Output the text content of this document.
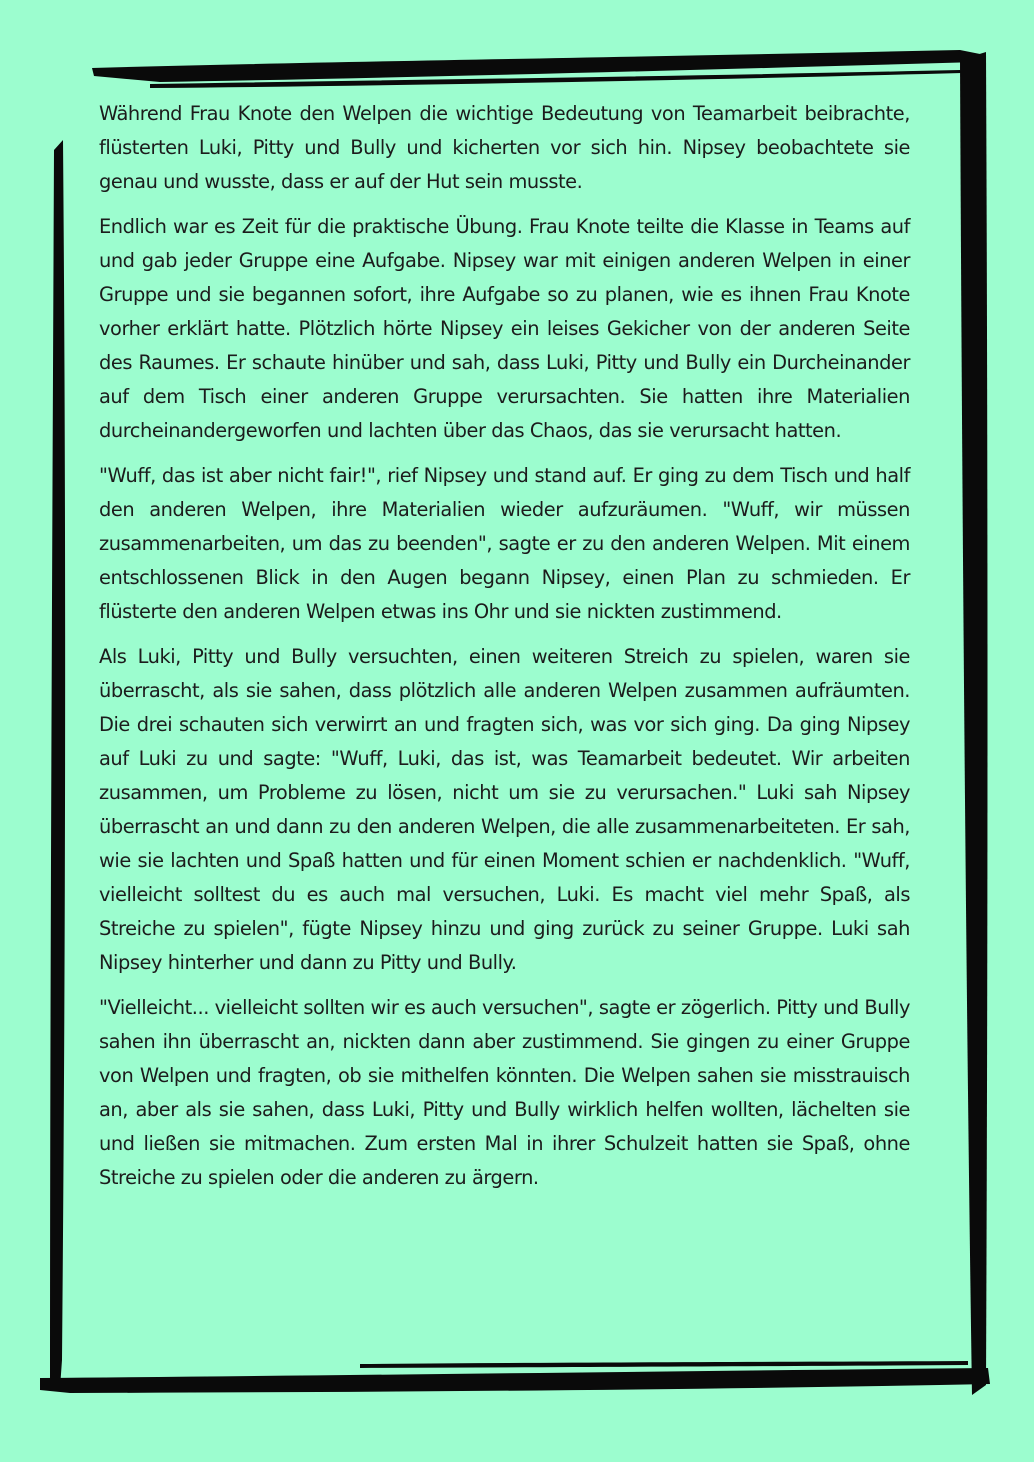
Während Frau Knote den Welpen die wichtige Bedeutung von Teamarbeit beibrachte, flüsterten Luki, Pitty und Bully und kicherten vor sich hin. Nipsey beobachtete sie genau und wusste, dass er auf der Hut sein musste.

Endlich war es Zeit für die praktische Übung. Frau Knote teilte die Klasse in Teams auf und gab jeder Gruppe eine Aufgabe. Nipsey war mit einigen anderen Welpen in einer Gruppe und sie begannen sofort, ihre Aufgabe so zu planen, wie es ihnen Frau Knote vorher erklärt hatte. Plötzlich hörte Nipsey ein leises Gekicher von der anderen Seite des Raumes. Er schaute hinüber und sah, dass Luki, Pitty und Bully ein Durcheinander auf dem Tisch einer anderen Gruppe verursachten. Sie hatten ihre Materialien durcheinandergeworfen und lachten über das Chaos, das sie verursacht hatten.

"Wuff, das ist aber nicht fair!", rief Nipsey und stand auf. Er ging zu dem Tisch und half den anderen Welpen, ihre Materialien wieder aufzuräumen. "Wuff, wir müssen zusammenarbeiten, um das zu beenden", sagte er zu den anderen Welpen. Mit einem entschlossenen Blick in den Augen begann Nipsey, einen Plan zu schmieden. Er flüsterte den anderen Welpen etwas ins Ohr und sie nickten zustimmend.

Als Luki, Pitty und Bully versuchten, einen weiteren Streich zu spielen, waren sie überrascht, als sie sahen, dass plötzlich alle anderen Welpen zusammen aufräumten. Die drei schauten sich verwirrt an und fragten sich, was vor sich ging. Da ging Nipsey auf Luki zu und sagte: "Wuff, Luki, das ist, was Teamarbeit bedeutet. Wir arbeiten zusammen, um Probleme zu lösen, nicht um sie zu verursachen." Luki sah Nipsey überrascht an und dann zu den anderen Welpen, die alle zusammenarbeiteten. Er sah, wie sie lachten und Spaß hatten und für einen Moment schien er nachdenklich. "Wuff, vielleicht solltest du es auch mal versuchen, Luki. Es macht viel mehr Spaß, als Streiche zu spielen", fügte Nipsey hinzu und ging zurück zu seiner Gruppe. Luki sah Nipsey hinterher und dann zu Pitty und Bully.

"Vielleicht... vielleicht sollten wir es auch versuchen", sagte er zögerlich. Pitty und Bully sahen ihn überrascht an, nickten dann aber zustimmend. Sie gingen zu einer Gruppe von Welpen und fragten, ob sie mithelfen könnten. Die Welpen sahen sie misstrauisch an, aber als sie sahen, dass Luki, Pitty und Bully wirklich helfen wollten, lächelten sie und ließen sie mitmachen. Zum ersten Mal in ihrer Schulzeit hatten sie Spaß, ohne Streiche zu spielen oder die anderen zu ärgern.
